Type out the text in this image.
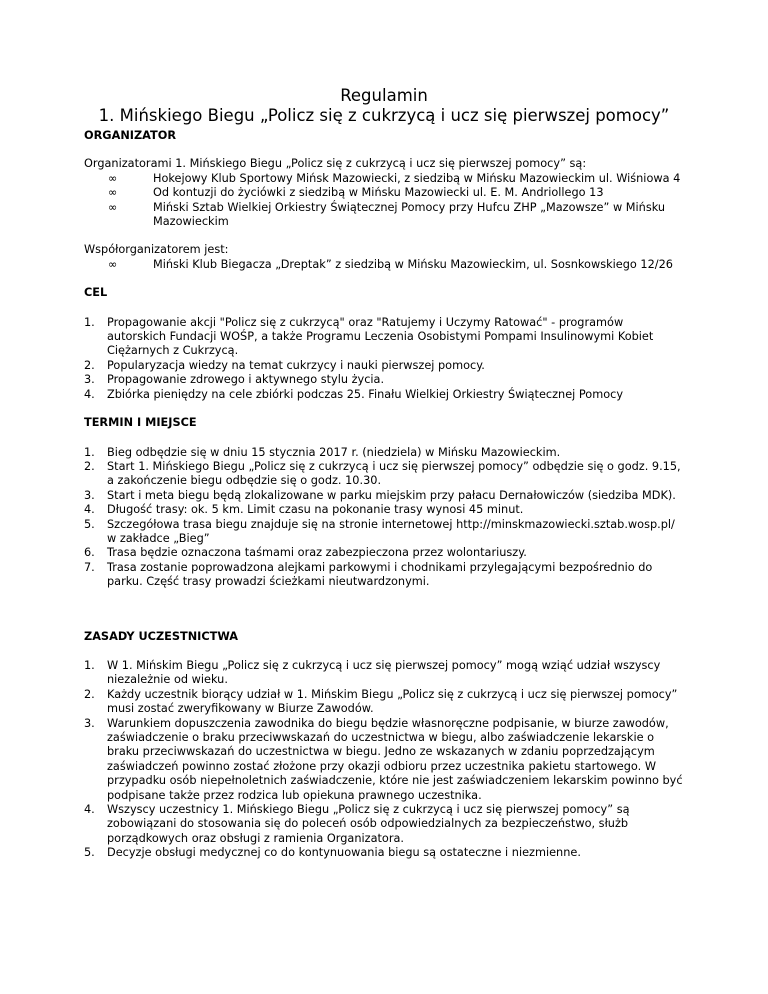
Regulamin

1. Mińskiego Biegu „Policz się z cukrzycą i ucz się pierwszej pomocy”

ORGANIZATOR

Organizatorami 1. Mińskiego Biegu „Policz się z cukrzycą i ucz się pierwszej pomocy” są:

∞	Hokejowy Klub Sportowy Mińsk Mazowiecki, z siedzibą w Mińsku Mazowieckim ul. Wiśniowa 4
∞	Od kontuzji do życiówki z siedzibą w Mińsku Mazowiecki ul. E. M. Andriollego 13
∞	Miński Sztab Wielkiej Orkiestry Świątecznej Pomocy przy Hufcu ZHP „Mazowsze” w Mińsku Mazowieckim

Współorganizatorem jest:

∞	Miński Klub Biegacza „Dreptak” z siedzibą w Mińsku Mazowieckim, ul. Sosnkowskiego 12/26
CEL
1. Propagowanie akcji "Policz się z cukrzycą" oraz "Ratujemy i Uczymy Ratować" - programów autorskich Fundacji WOŚP, a także Programu Leczenia Osobistymi Pompami Insulinowymi Kobiet Ciężarnych z Cukrzycą.
2. Popularyzacja wiedzy na temat cukrzycy i nauki pierwszej pomocy.
3. Propagowanie zdrowego i aktywnego stylu życia.
4. Zbiórka pieniędzy na cele zbiórki podczas 25. Finału Wielkiej Orkiestry Świątecznej Pomocy
TERMIN I MIEJSCE
1. Bieg odbędzie się w dniu 15 stycznia 2017 r. (niedziela) w Mińsku Mazowieckim.
2. Start 1. Mińskiego Biegu „Policz się z cukrzycą i ucz się pierwszej pomocy” odbędzie się o godz. 9.15, a zakończenie biegu odbędzie się o godz. 10.30.
3. Start i meta biegu będą zlokalizowane w parku miejskim przy pałacu Dernałowiczów (siedziba MDK).
4. Długość trasy: ok. 5 km. Limit czasu na pokonanie trasy wynosi 45 minut.
5. Szczegółowa trasa biegu znajduje się na stronie internetowej http://minskmazowiecki.sztab.wosp.pl/ w zakładce „Bieg”
6. Trasa będzie oznaczona taśmami oraz zabezpieczona przez wolontariuszy.
7. Trasa zostanie poprowadzona alejkami parkowymi i chodnikami przylegającymi bezpośrednio do parku. Część trasy prowadzi ścieżkami nieutwardzonymi.
ZASADY UCZESTNICTWA
1. W 1. Mińskim Biegu „Policz się z cukrzycą i ucz się pierwszej pomocy” mogą wziąć udział wszyscy niezależnie od wieku.
2. Każdy uczestnik biorący udział w 1. Mińskim Biegu „Policz się z cukrzycą i ucz się pierwszej pomocy” musi zostać zweryfikowany w Biurze Zawodów.
3. Warunkiem dopuszczenia zawodnika do biegu będzie własnoręczne podpisanie, w biurze zawodów, zaświadczenie o braku przeciwwskazań do uczestnictwa w biegu, albo zaświadczenie lekarskie o braku przeciwwskazań do uczestnictwa w biegu. Jedno ze wskazanych w zdaniu poprzedzającym zaświadczeń powinno zostać złożone przy okazji odbioru przez uczestnika pakietu startowego. W przypadku osób niepełnoletnich zaświadczenie, które nie jest zaświadczeniem lekarskim powinno być podpisane także przez rodzica lub opiekuna prawnego uczestnika.
4. Wszyscy uczestnicy 1. Mińskiego Biegu „Policz się z cukrzycą i ucz się pierwszej pomocy” są zobowiązani do stosowania się do poleceń osób odpowiedzialnych za bezpieczeństwo, służb porządkowych oraz obsługi z ramienia Organizatora.
5. Decyzje obsługi medycznej co do kontynuowania biegu są ostateczne i niezmienne.
